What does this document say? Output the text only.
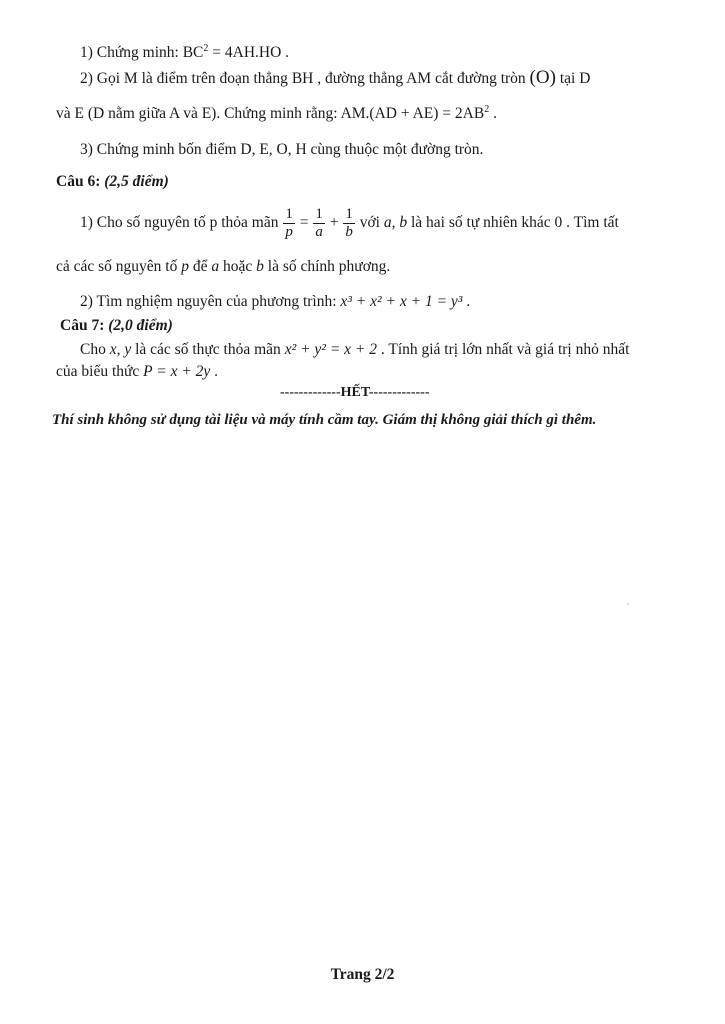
1) Chứng minh: $BC^2 = 4AH.HO$ .
2) Gọi M là điểm trên đoạn thẳng BH , đường thẳng AM cắt đường tròn (O) tại D
và E (D nằm giữa A và E). Chứng minh rằng: $AM.(AD + AE) = 2AB^2$ .
3) Chứng minh bốn điểm D, E, O, H cùng thuộc một đường tròn.
Câu 6: (2,5 điểm)
1) Cho số nguyên tố p thỏa mãn $\frac{1}{p} = \frac{1}{a} + \frac{1}{b}$ với a, b là hai số tự nhiên khác 0 . Tìm tất
cả các số nguyên tố p để a hoặc b là số chính phương.
2) Tìm nghiệm nguyên của phương trình: x³ + x² + x + 1 = y³ .
Câu 7: (2,0 điểm)
Cho x, y là các số thực thỏa mãn x² + y² = x + 2 . Tính giá trị lớn nhất và giá trị nhỏ nhất
của biểu thức P = x + 2y .
-------------HẾT-------------
Thí sinh không sử dụng tài liệu và máy tính cầm tay. Giám thị không giải thích gì thêm.
Trang 2/2
